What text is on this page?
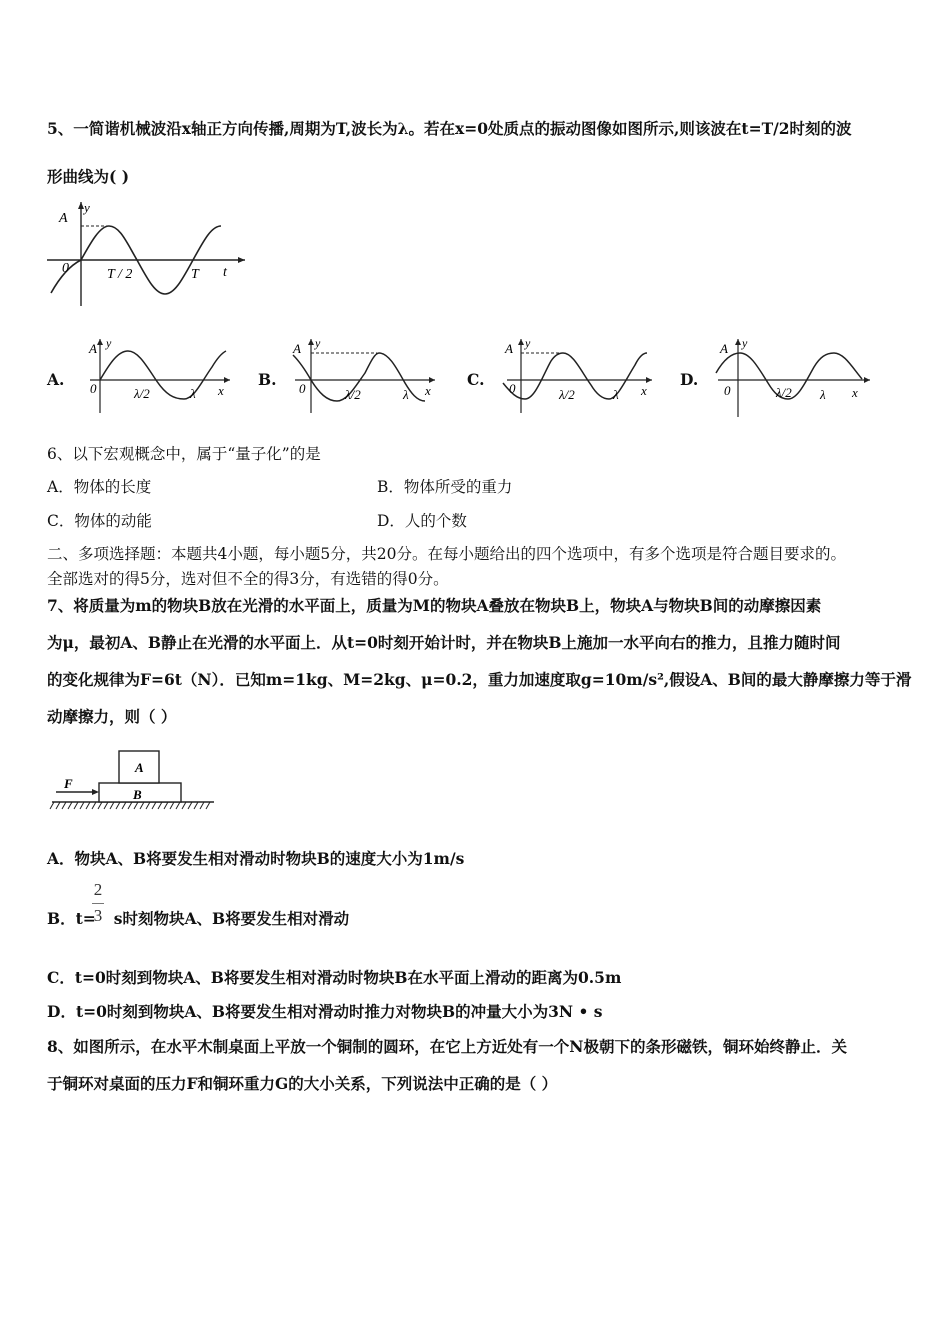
5、一简谐机械波沿x轴正方向传播,周期为T,波长为λ。若在x=0处质点的振动图像如图所示,则该波在t=T/2时刻的波
形曲线为( )
A
y
0	T / 2	T t
A.	B.	C.	D.
A y
0	λ/2	λ x
A y
0	λ/2	λ x
A y
0	λ/2	λ x
A y
0	λ/2 λ x
6、以下宏观概念中，属于“量子化”的是
A．物体的长度	B．物体所受的重力
C．物体的动能	D．人的个数
二、多项选择题：本题共4小题，每小题5分，共20分。在每小题给出的四个选项中，有多个选项是符合题目要求的。
全部选对的得5分，选对但不全的得3分，有选错的得0分。
7、将质量为m的物块B放在光滑的水平面上，质量为M的物块A叠放在物块B上，物块A与物块B间的动摩擦因素
为μ，最初A、B静止在光滑的水平面上．从t=0时刻开始计时，并在物块B上施加一水平向右的推力，且推力随时间
的变化规律为F=6t（N）．已知m=1kg、M=2kg、μ=0.2，重力加速度取g=10m/s²,假设A、B间的最大静摩擦力等于滑
动摩擦力，则（ ）
F
A
B
A．物块A、B将要发生相对滑动时物块B的速度大小为1m/s
B．t= s时刻物块A、B将要发生相对滑动
2
3
C．t=0时刻到物块A、B将要发生相对滑动时物块B在水平面上滑动的距离为0.5m
D．t=0时刻到物块A、B将要发生相对滑动时推力对物块B的冲量大小为3N • s
8、如图所示，在水平木制桌面上平放一个铜制的圆环，在它上方近处有一个N极朝下的条形磁铁，铜环始终静止．关
于铜环对桌面的压力F和铜环重力G的大小关系，下列说法中正确的是（ ）
